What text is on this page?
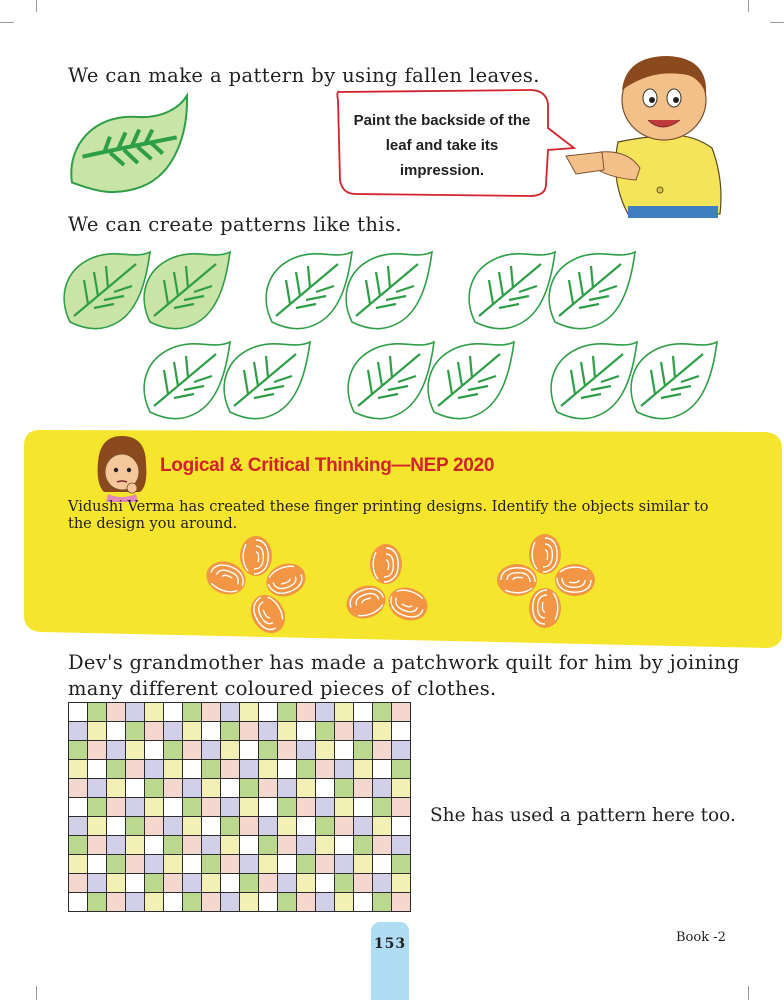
We can make a pattern by using fallen leaves.

Paint the backside of the leaf and take its impression.

We can create patterns like this.

Logical & Critical Thinking—NEP 2020

Vidushi Verma has created these finger printing designs. Identify the objects similar to the design you around.

Dev's grandmother has made a patchwork quilt for him by joining many different coloured pieces of clothes.

She has used a pattern here too.

153	Book -2
